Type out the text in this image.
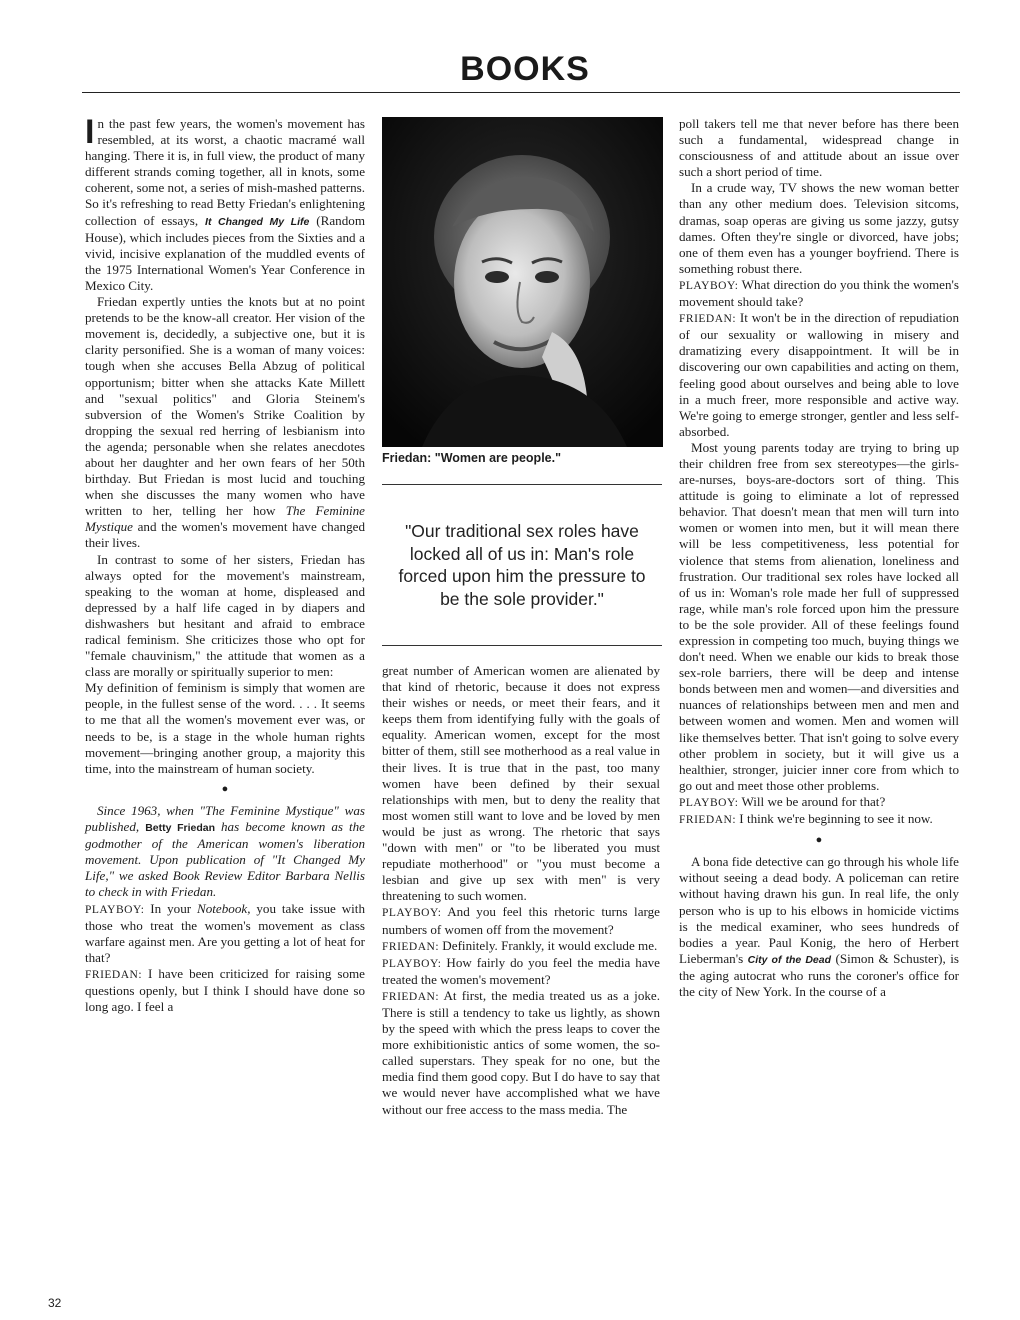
BOOKS

In the past few years, the women's movement has resembled, at its worst, a chaotic macramé wall hanging. There it is, in full view, the product of many different strands coming together, all in knots, some coherent, some not, a series of mish-mashed patterns. So it's refreshing to read Betty Friedan's enlightening collection of essays, It Changed My Life (Random House), which includes pieces from the Sixties and a vivid, incisive explanation of the muddled events of the 1975 International Women's Year Conference in Mexico City.

Friedan expertly unties the knots but at no point pretends to be the know-all creator. Her vision of the movement is, decidedly, a subjective one, but it is clarity personified. She is a woman of many voices: tough when she accuses Bella Abzug of political opportunism; bitter when she attacks Kate Millett and "sexual politics" and Gloria Steinem's subversion of the Women's Strike Coalition by dropping the sexual red herring of lesbianism into the agenda; personable when she relates anecdotes about her daughter and her own fears of her 50th birthday. But Friedan is most lucid and touching when she discusses the many women who have written to her, telling her how The Feminine Mystique and the women's movement have changed their lives.

In contrast to some of her sisters, Friedan has always opted for the movement's mainstream, speaking to the woman at home, displeased and depressed by a half life caged in by diapers and dishwashers but hesitant and afraid to embrace radical feminism. She criticizes those who opt for "female chauvinism," the attitude that women as a class are morally or spiritually superior to men:

My definition of feminism is simply that women are people, in the fullest sense of the word. . . . It seems to me that all the women's movement ever was, or needs to be, is a stage in the whole human rights movement—bringing another group, a majority this time, into the mainstream of human society.

●

Since 1963, when "The Feminine Mystique" was published, Betty Friedan has become known as the godmother of the American women's liberation movement. Upon publication of "It Changed My Life," we asked Book Review Editor Barbara Nellis to check in with Friedan.

PLAYBOY: In your Notebook, you take issue with those who treat the women's movement as class warfare against men. Are you getting a lot of heat for that?

FRIEDAN: I have been criticized for raising some questions openly, but I think I should have done so long ago. I feel a

Friedan: "Women are people."
"Our traditional sex roles have locked all of us in: Man's role forced upon him the pressure to be the sole provider."

great number of American women are alienated by that kind of rhetoric, because it does not express their wishes or needs, or meet their fears, and it keeps them from identifying fully with the goals of equality. American women, except for the most bitter of them, still see motherhood as a real value in their lives. It is true that in the past, too many women have been defined by their sexual relationships with men, but to deny the reality that most women still want to love and be loved by men would be just as wrong. The rhetoric that says "down with men" or "to be liberated you must repudiate motherhood" or "you must become a lesbian and give up sex with men" is very threatening to such women.

PLAYBOY: And you feel this rhetoric turns large numbers of women off from the movement?

FRIEDAN: Definitely. Frankly, it would exclude me.

PLAYBOY: How fairly do you feel the media have treated the women's movement?

FRIEDAN: At first, the media treated us as a joke. There is still a tendency to take us lightly, as shown by the speed with which the press leaps to cover the more exhibitionistic antics of some women, the so-called superstars. They speak for no one, but the media find them good copy. But I do have to say that we would never have accomplished what we have without our free access to the mass media. The

poll takers tell me that never before has there been such a fundamental, widespread change in consciousness of and attitude about an issue over such a short period of time.

In a crude way, TV shows the new woman better than any other medium does. Television sitcoms, dramas, soap operas are giving us some jazzy, gutsy dames. Often they're single or divorced, have jobs; one of them even has a younger boyfriend. There is something robust there.

PLAYBOY: What direction do you think the women's movement should take?

FRIEDAN: It won't be in the direction of repudiation of our sexuality or wallowing in misery and dramatizing every disappointment. It will be in discovering our own capabilities and acting on them, feeling good about ourselves and being able to love in a much freer, more responsible and active way. We're going to emerge stronger, gentler and less self-absorbed.

Most young parents today are trying to bring up their children free from sex stereotypes—the girls-are-nurses, boys-are-doctors sort of thing. This attitude is going to eliminate a lot of repressed behavior. That doesn't mean that men will turn into women or women into men, but it will mean there will be less competitiveness, less potential for violence that stems from alienation, loneliness and frustration. Our traditional sex roles have locked all of us in: Woman's role made her full of suppressed rage, while man's role forced upon him the pressure to be the sole provider. All of these feelings found expression in competing too much, buying things we don't need. When we enable our kids to break those sex-role barriers, there will be deep and intense bonds between men and women—and diversities and nuances of relationships between men and men and between women and women. Men and women will like themselves better. That isn't going to solve every other problem in society, but it will give us a healthier, stronger, juicier inner core from which to go out and meet those other problems.

PLAYBOY: Will we be around for that?

FRIEDAN: I think we're beginning to see it now.

●

A bona fide detective can go through his whole life without seeing a dead body. A policeman can retire without having drawn his gun. In real life, the only person who is up to his elbows in homicide victims is the medical examiner, who sees hundreds of bodies a year. Paul Konig, the hero of Herbert Lieberman's City of the Dead (Simon & Schuster), is the aging autocrat who runs the coroner's office for the city of New York. In the course of a

32
